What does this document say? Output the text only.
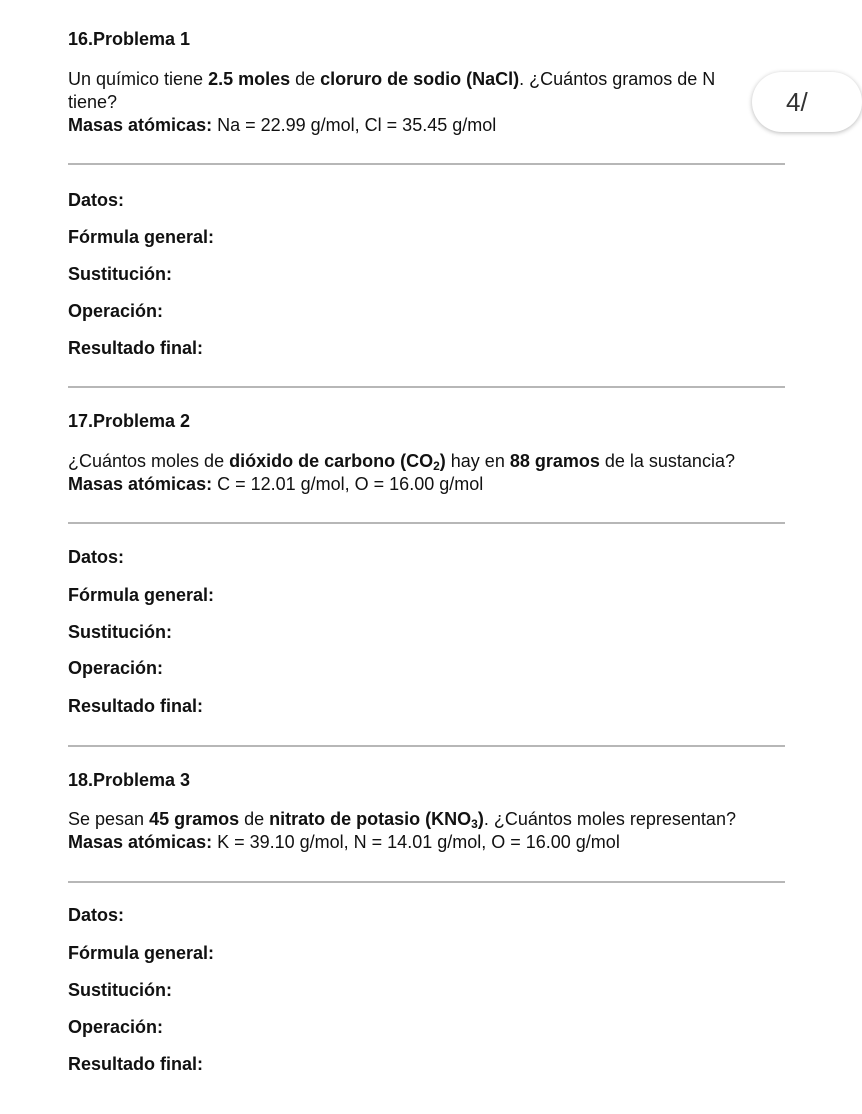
4/
16.Problema 1
Un químico tiene 2.5 moles de cloruro de sodio (NaCl). ¿Cuántos gramos de N
tiene?
Masas atómicas: Na = 22.99 g/mol, Cl = 35.45 g/mol
Datos:
Fórmula general:
Sustitución:
Operación:
Resultado final:
17.Problema 2
¿Cuántos moles de dióxido de carbono $(CO_2)$ hay en 88 gramos de la sustancia?
Masas atómicas: C = 12.01 g/mol, O = 16.00 g/mol
Datos:
Fórmula general:
Sustitución:
Operación:
Resultado final:
18.Problema 3
Se pesan 45 gramos de nitrato de potasio $(KNO_3)$. ¿Cuántos moles representan?
Masas atómicas: K = 39.10 g/mol, N = 14.01 g/mol, O = 16.00 g/mol
Datos:
Fórmula general:
Sustitución:
Operación:
Resultado final:
